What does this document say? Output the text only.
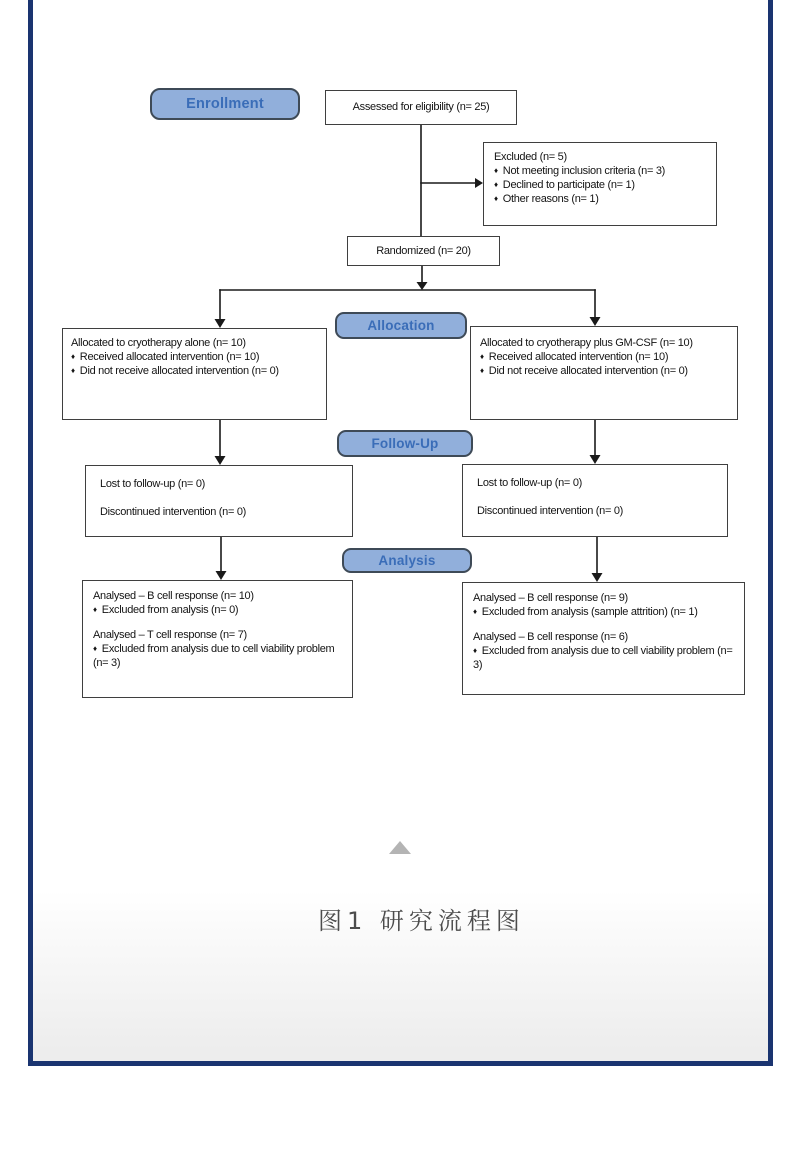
Enrollment
Allocation
Follow-Up
Analysis
Assessed for eligibility (n= 25)
Excluded (n= 5)
♦ Not meeting inclusion criteria (n= 3)
♦ Declined to participate (n= 1)
♦ Other reasons (n= 1)
Randomized (n= 20)
Allocated to cryotherapy alone (n= 10)
♦ Received allocated intervention (n= 10)
♦ Did not receive allocated intervention (n= 0)
Allocated to cryotherapy plus GM-CSF (n= 10)
♦ Received allocated intervention (n= 10)
♦ Did not receive allocated intervention (n= 0)
Lost to follow-up (n= 0)
Discontinued intervention (n= 0)
Lost to follow-up (n= 0)
Discontinued intervention (n= 0)
Analysed – B cell response (n= 10)
♦ Excluded from analysis (n= 0)
Analysed – T cell response (n= 7)
♦ Excluded from analysis due to cell viability problem (n= 3)
Analysed – B cell response (n= 9)
♦ Excluded from analysis (sample attrition) (n= 1)
Analysed – B cell response (n= 6)
♦ Excluded from analysis due to cell viability problem (n= 3)
图1 研究流程图
